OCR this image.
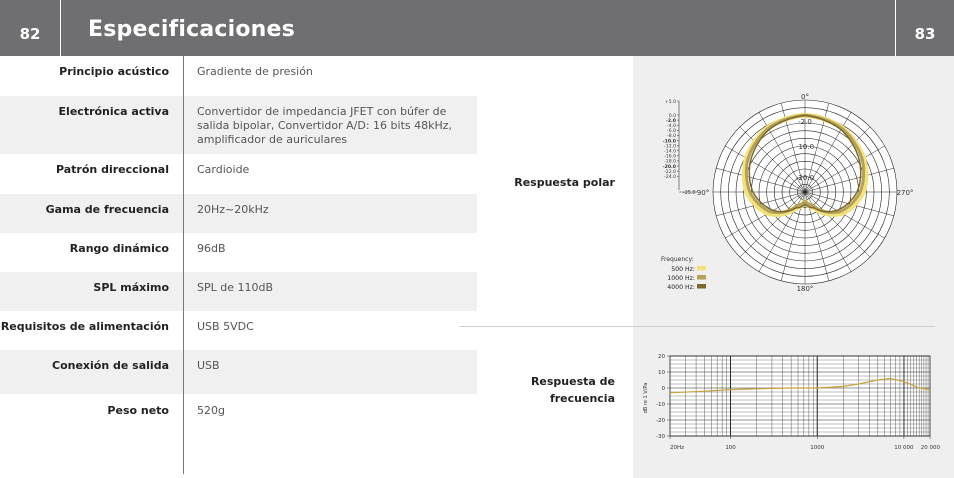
82	Especificaciones	83
Principio acústico	Gradiente de presión
Electrónica activa	Convertidor de impedancia JFET con búfer de salida bipolar, Convertidor A/D: 16 bits 48kHz, amplificador de auriculares
Patrón direccional	Cardioide
Gama de frecuencia	20Hz~20kHz
Rango dinámico	96dB
SPL máximo	SPL de 110dB
Requisitos de alimentación	USB 5VDC
Conexión de salida	USB
Peso neto	520g
Respuesta polar
Respuesta de
frecuencia
+5.0
0.0
-2.0
-4.0
-6.0
-8.0
-10.0
-12.0
-14.0
-16.0
-18.0
-20.0
-22.0
-24.0
-25.0
0°
90°	270°
180°
-2.0
-10.0
-20.0
Frequency:
500 Hz:
1000 Hz:
4000 Hz:
20
10
0
-10
-20
-30
20Hz	100	1000	10 000 20 000
dB re 1 V/Pa
